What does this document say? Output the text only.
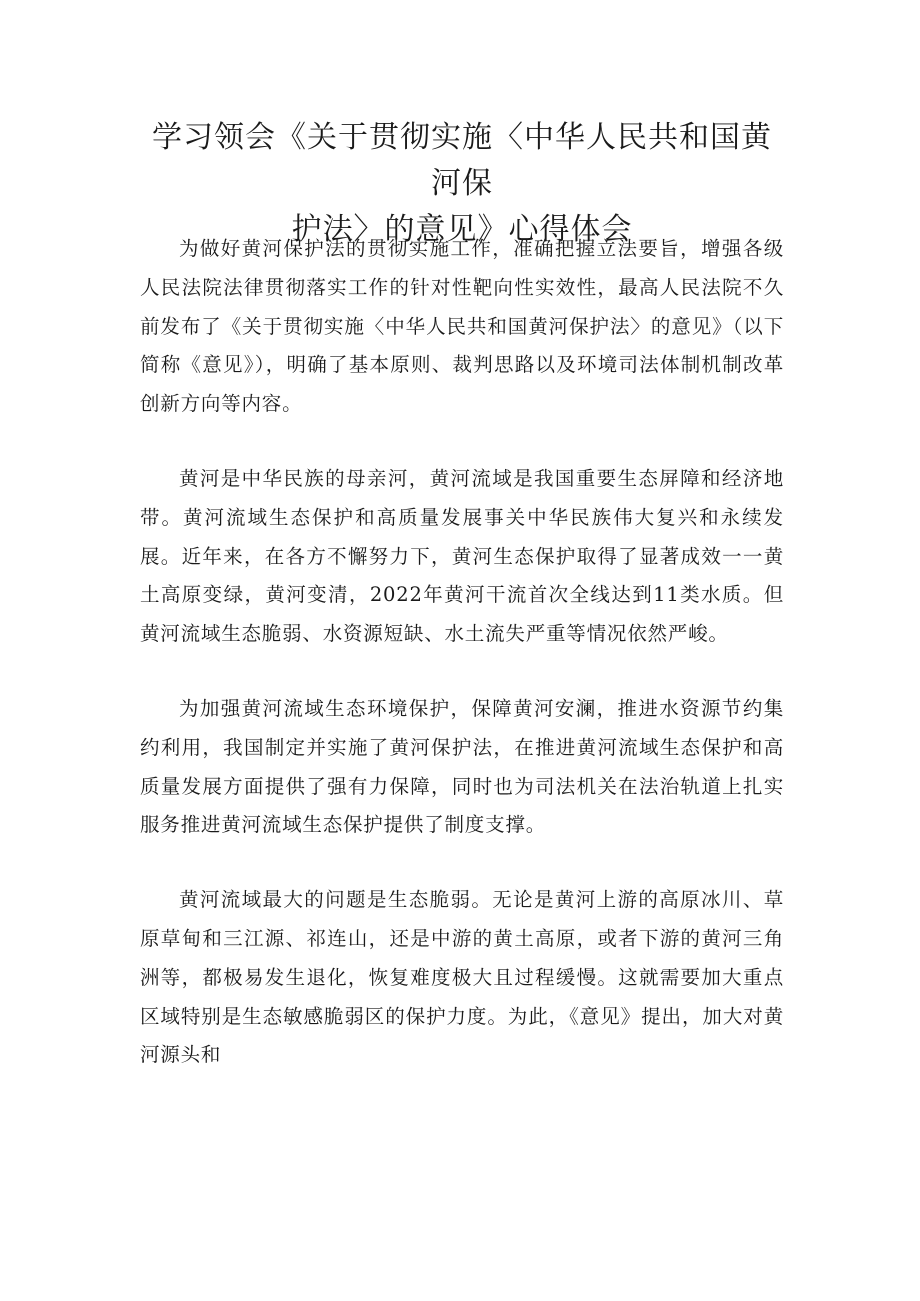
学习领会《关于贯彻实施〈中华人民共和国黄河保
护法〉的意见》心得体会

为做好黄河保护法的贯彻实施工作，准确把握立法要旨，增强各级人民法院法律贯彻落实工作的针对性靶向性实效性，最高人民法院不久前发布了《关于贯彻实施〈中华人民共和国黄河保护法〉的意见》（以下简称《意见》），明确了基本原则、裁判思路以及环境司法体制机制改革创新方向等内容。

黄河是中华民族的母亲河，黄河流域是我国重要生态屏障和经济地带。黄河流域生态保护和高质量发展事关中华民族伟大复兴和永续发展。近年来，在各方不懈努力下，黄河生态保护取得了显著成效一一黄土高原变绿，黄河变清，2022年黄河干流首次全线达到11类水质。但黄河流域生态脆弱、水资源短缺、水土流失严重等情况依然严峻。

为加强黄河流域生态环境保护，保障黄河安澜，推进水资源节约集约利用，我国制定并实施了黄河保护法，在推进黄河流域生态保护和高质量发展方面提供了强有力保障，同时也为司法机关在法治轨道上扎实服务推进黄河流域生态保护提供了制度支撑。

黄河流域最大的问题是生态脆弱。无论是黄河上游的高原冰川、草原草甸和三江源、祁连山，还是中游的黄土高原，或者下游的黄河三角洲等，都极易发生退化，恢复难度极大且过程缓慢。这就需要加大重点区域特别是生态敏感脆弱区的保护力度。为此，《意见》提出，加大对黄河源头和
